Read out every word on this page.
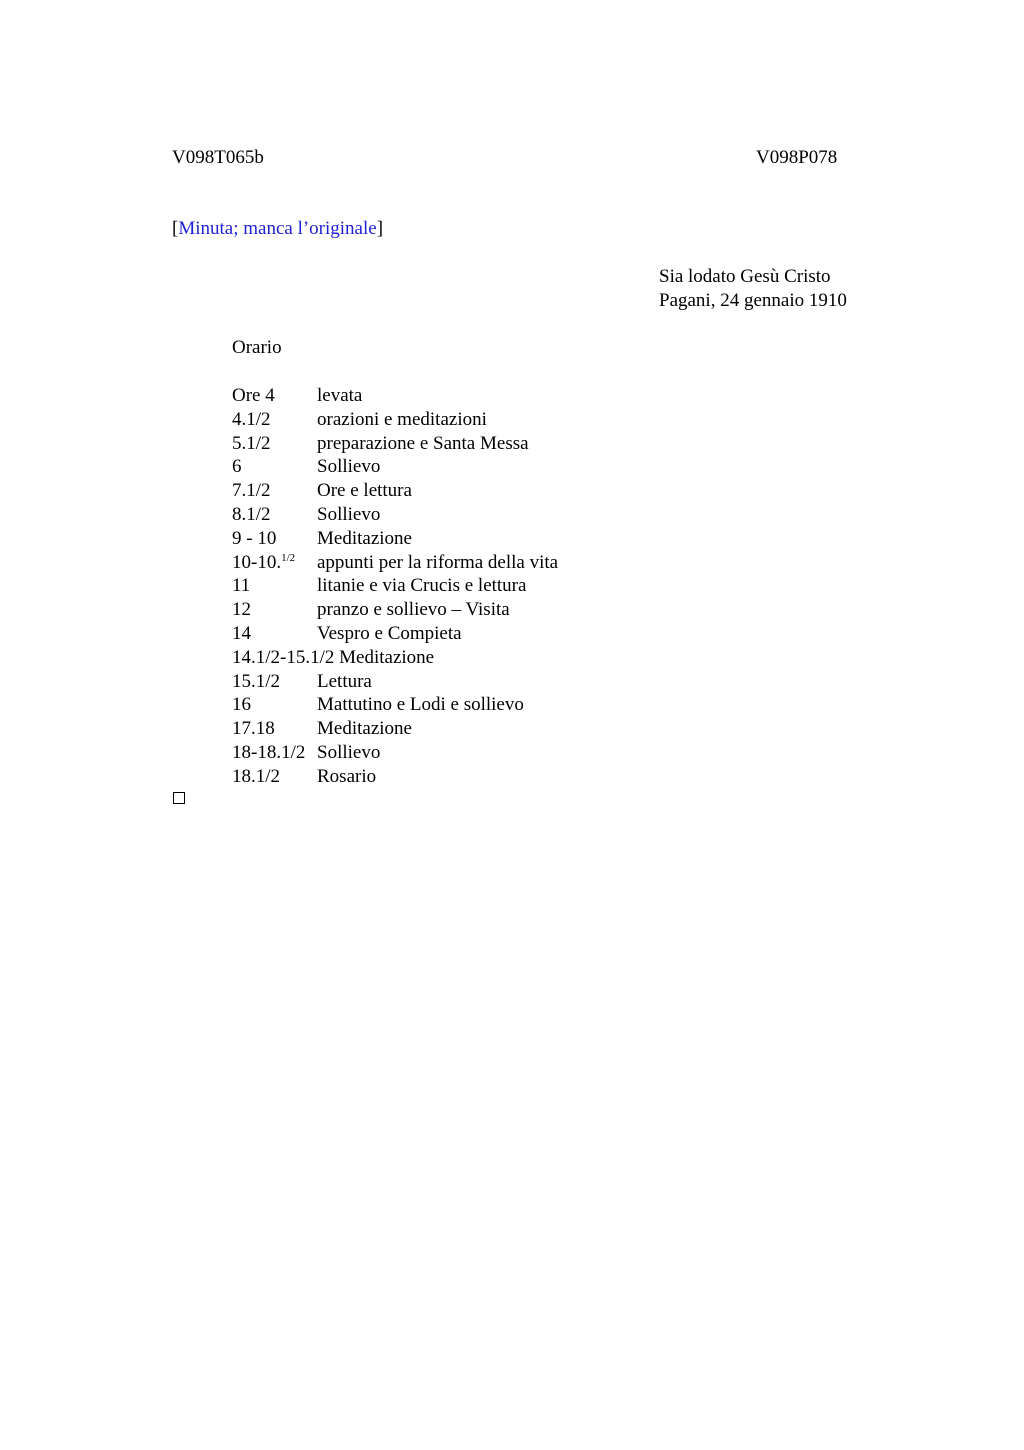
V098T065b	V098P078
[Minuta; manca l’originale]
Sia lodato Gesù Cristo
Pagani, 24 gennaio 1910
Orario
Ore 4 levata
4.1/2 orazioni e meditazioni
5.1/2 preparazione e Santa Messa
6	Sollievo
7.1/2 Ore e lettura
8.1/2 Sollievo
9 - 10 Meditazione
10-10.$^{1/2}$ appunti per la riforma della vita
11	litanie e via Crucis e lettura
12	pranzo e sollievo – Visita
14	Vespro e Compieta
14.1/2-15.1/2 Meditazione
15.1/2 Lettura
16	Mattutino e Lodi e sollievo
17.18 Meditazione
18-18.1/2 Sollievo
18.1/2 Rosario
